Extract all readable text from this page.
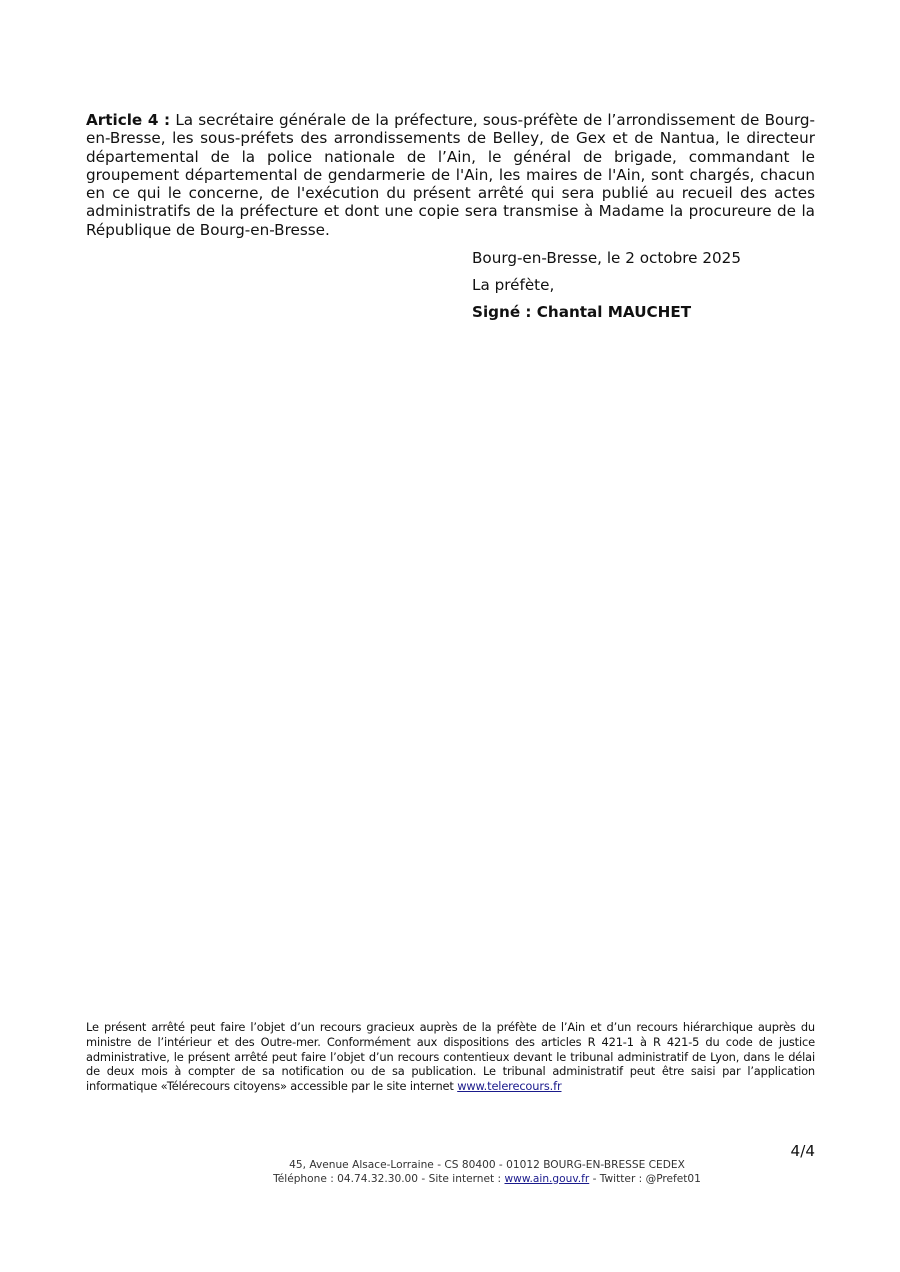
Article 4 : La secrétaire générale de la préfecture, sous-préfète de l’arrondissement de Bourg-en-Bresse, les sous-préfets des arrondissements de Belley, de Gex et de Nantua, le directeur départemental de la police nationale de l’Ain, le général de brigade, commandant le groupement départemental de gendarmerie de l'Ain, les maires de l'Ain, sont chargés, chacun en ce qui le concerne, de l'exécution du présent arrêté qui sera publié au recueil des actes administratifs de la préfecture et dont une copie sera transmise à Madame la procureure de la République de Bourg-en-Bresse.
Bourg-en-Bresse, le 2 octobre 2025
La préfète,
Signé : Chantal MAUCHET
Le présent arrêté peut faire l’objet d’un recours gracieux auprès de la préfète de l’Ain et d’un recours hiérarchique auprès du ministre de l’intérieur et des Outre-mer. Conformément aux dispositions des articles R 421-1 à R 421-5 du code de justice administrative, le présent arrêté peut faire l’objet d’un recours contentieux devant le tribunal administratif de Lyon, dans le délai de deux mois à compter de sa notification ou de sa publication. Le tribunal administratif peut être saisi par l’application informatique «Télérecours citoyens» accessible par le site internet www.telerecours.fr
4/4
45, Avenue Alsace-Lorraine - CS 80400 - 01012 BOURG-EN-BRESSE CEDEX
Téléphone : 04.74.32.30.00 - Site internet : www.ain.gouv.fr - Twitter : @Prefet01
